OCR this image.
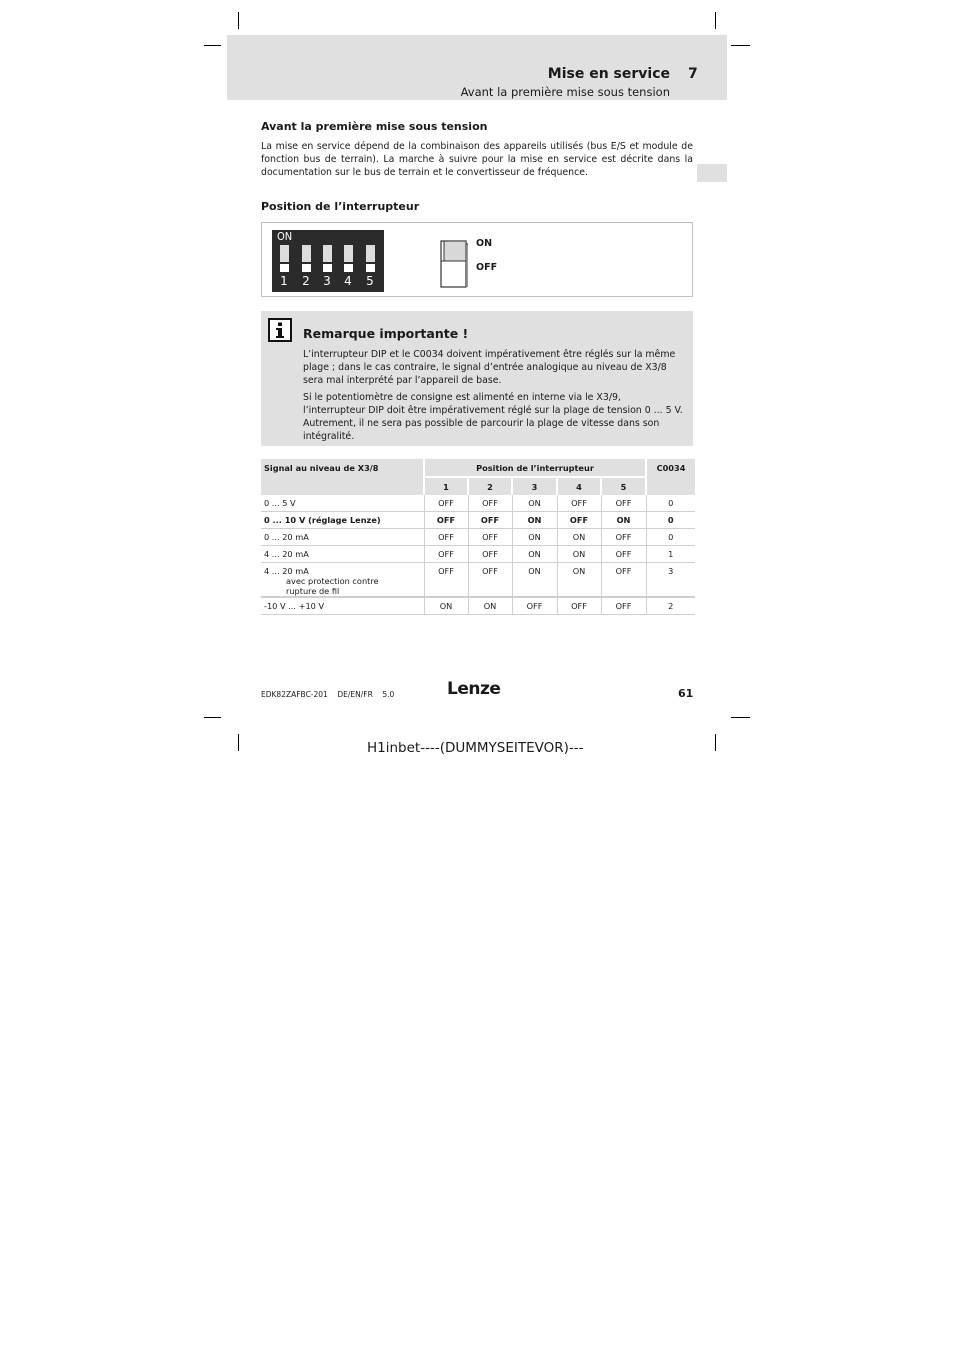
Mise en service 7
Avant la première mise sous tension
Avant la première mise sous tension
La mise en service dépend de la combinaison des appareils utilisés (bus E/S et module de fonction bus de terrain). La marche à suivre pour la mise en service est décrite dans la documentation sur le bus de terrain et le convertisseur de fréquence.
Position de l’interrupteur
ON
1 2 3 4 5
ON
OFF
Remarque importante !
L’interrupteur DIP et le C0034 doivent impérativement être réglés sur la même plage ; dans le cas contraire, le signal d’entrée analogique au niveau de X3/8 sera mal interprété par l’appareil de base.
Si le potentiomètre de consigne est alimenté en interne via le X3/9, l’interrupteur DIP doit être impérativement réglé sur la plage de tension 0 ... 5 V. Autrement, il ne sera pas possible de parcourir la plage de vitesse dans son intégralité.
Signal au niveau de X3/8	Position de l’interrupteur					C0034
	1	2	3	4	5	
0 ... 5 V	OFF	OFF	ON	OFF	OFF	0
0 ... 10 V (réglage Lenze)	OFF	OFF	ON	OFF	ON	0
0 ... 20 mA	OFF	OFF	ON	ON	OFF	0
4 ... 20 mA	OFF	OFF	ON	ON	OFF	1
4 ... 20 mAavec protection contre rupture de fil	OFF	OFF	ON	ON	OFF	3
-10 V ... +10 V	ON	ON	OFF	OFF	OFF	2
EDK82ZAFBC-201    DE/EN/FR    5.0	Lenze	61
H1inbet----(DUMMYSEITEVOR)---
